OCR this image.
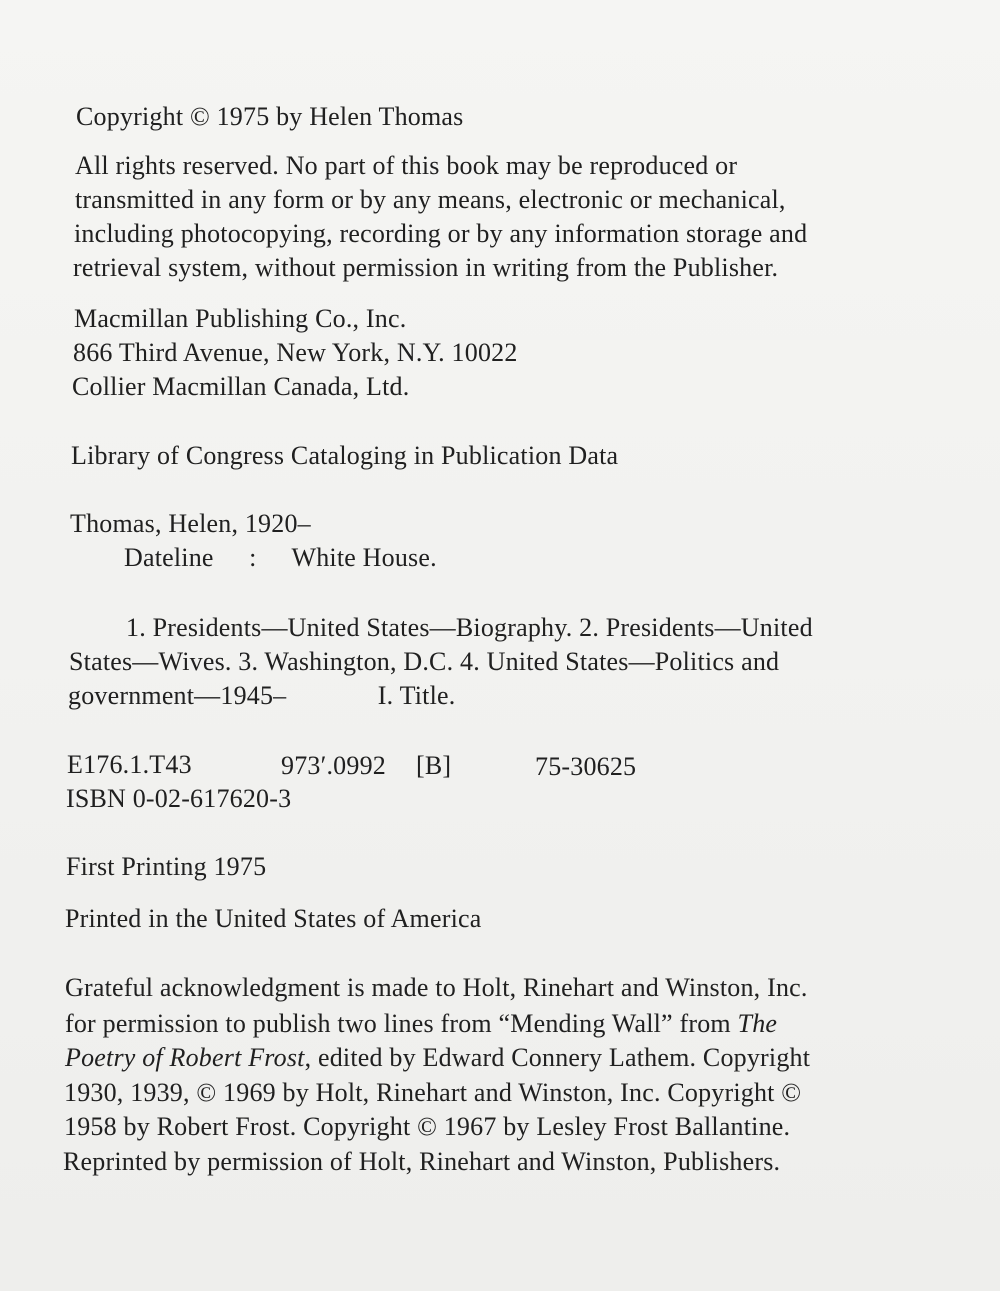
Copyright © 1975 by Helen Thomas
All rights reserved. No part of this book may be reproduced or
transmitted in any form or by any means, electronic or mechanical,
including photocopying, recording or by any information storage and
retrieval system, without permission in writing from the Publisher.
Macmillan Publishing Co., Inc.
866 Third Avenue, New York, N.Y. 10022
Collier Macmillan Canada, Ltd.
Library of Congress Cataloging in Publication Data
Thomas, Helen, 1920–
Dateline : White House.
1. Presidents—United States—Biography. 2. Presidents—United
States—Wives. 3. Washington, D.C. 4. United States—Politics and
government—1945–	I. Title.
E176.1.T43	973′.0992 [B]	75-30625
ISBN 0-02-617620-3
First Printing 1975
Printed in the United States of America
Grateful acknowledgment is made to Holt, Rinehart and Winston, Inc.
for permission to publish two lines from “Mending Wall” from The
Poetry of Robert Frost, edited by Edward Connery Lathem. Copyright
1930, 1939, © 1969 by Holt, Rinehart and Winston, Inc. Copyright ©
1958 by Robert Frost. Copyright © 1967 by Lesley Frost Ballantine.
Reprinted by permission of Holt, Rinehart and Winston, Publishers.
